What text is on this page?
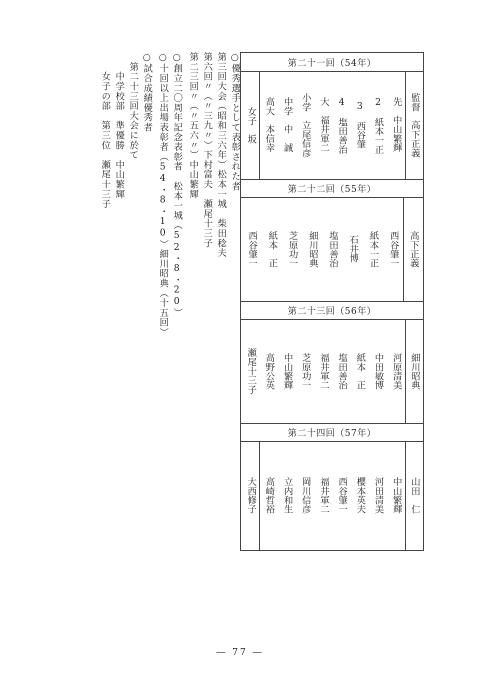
○優秀選手として表彰された者
第三回大会（昭和三六年）松本一城　柴田稔夫
第六回〃（〃三九〃）下村富夫　瀬尾十三子
第二三回〃（〃五六〃）中山繁輝
○創立二〇周年記念表彰者　松本一城（52・8・20）
○十回以上出場表彰者（54・8・10）細川昭典（十五回）
○試合成績優秀者
　第二十三回大会に於て
　　中学校部　準優勝　中山繁輝
　　女子の部　第三位　瀬尾十三子	第二十一回（54年）
監督　高下正義
先　中山繁輝
2　紙本一正
3　西谷肇
4　塩田善治
大　福井軍二
小学　立尾信彦
中学　中　誠
高大　本信幸
女子　坂
第二十二回（55年）
高下正義
西谷肇一
紙本一正
石井博
塩田善治
細川昭典
芝原功一
紙本　正
西谷肇一
第二十三回（56年）
細川昭典
河原清美
中田敏博
紙本　正
塩田善治
福井軍二
芝原功一
中山繁輝
高野公英
瀬尾十三子
第二十四回（57年）
山田　仁
中山繁輝
河田清美
櫻本英夫
西谷肇一
福井軍二
岡川信彦
立内和生
高崎哲裕
大西修子
― 77 ―
